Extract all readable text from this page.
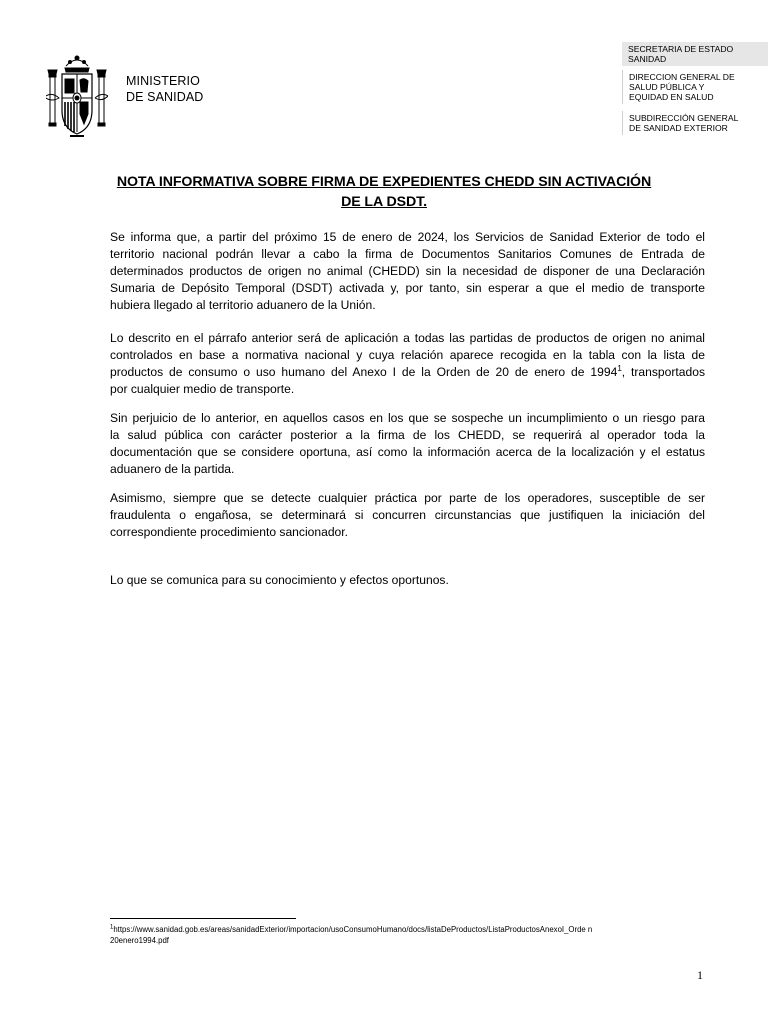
MINISTERIO
DE SANIDAD
SECRETARIA DE ESTADO
SANIDAD
DIRECCION GENERAL DE
SALUD PÚBLICA Y
EQUIDAD EN SALUD
SUBDIRECCIÓN GENERAL
DE SANIDAD EXTERIOR
NOTA INFORMATIVA SOBRE FIRMA DE EXPEDIENTES CHEDD SIN ACTIVACIÓN
DE LA DSDT.
Se informa que, a partir del próximo 15 de enero de 2024, los Servicios de Sanidad Exterior de todo el
territorio nacional podrán llevar a cabo la firma de Documentos Sanitarios Comunes de Entrada de
determinados productos de origen no animal (CHEDD) sin la necesidad de disponer de una Declaración
Sumaria de Depósito Temporal (DSDT) activada y, por tanto, sin esperar a que el medio de transporte
hubiera llegado al territorio aduanero de la Unión.
Lo descrito en el párrafo anterior será de aplicación a todas las partidas de productos de origen no animal
controlados en base a normativa nacional y cuya relación aparece recogida en la tabla con la lista de
productos de consumo o uso humano del Anexo I de la Orden de 20 de enero de 1994$^1$, transportados
por cualquier medio de transporte.
Sin perjuicio de lo anterior, en aquellos casos en los que se sospeche un incumplimiento o un riesgo para
la salud pública con carácter posterior a la firma de los CHEDD, se requerirá al operador toda la
documentación que se considere oportuna, así como la información acerca de la localización y el estatus
aduanero de la partida.
Asimismo, siempre que se detecte cualquier práctica por parte de los operadores, susceptible de ser
fraudulenta o engañosa, se determinará si concurren circunstancias que justifiquen la iniciación del
correspondiente procedimiento sancionador.
Lo que se comunica para su conocimiento y efectos oportunos.
$^1$https://www.sanidad.gob.es/areas/sanidadExterior/importacion/usoConsumoHumano/docs/listaDeProductos/ListaProductosAnexoI_Orde n
20enero1994.pdf
1
